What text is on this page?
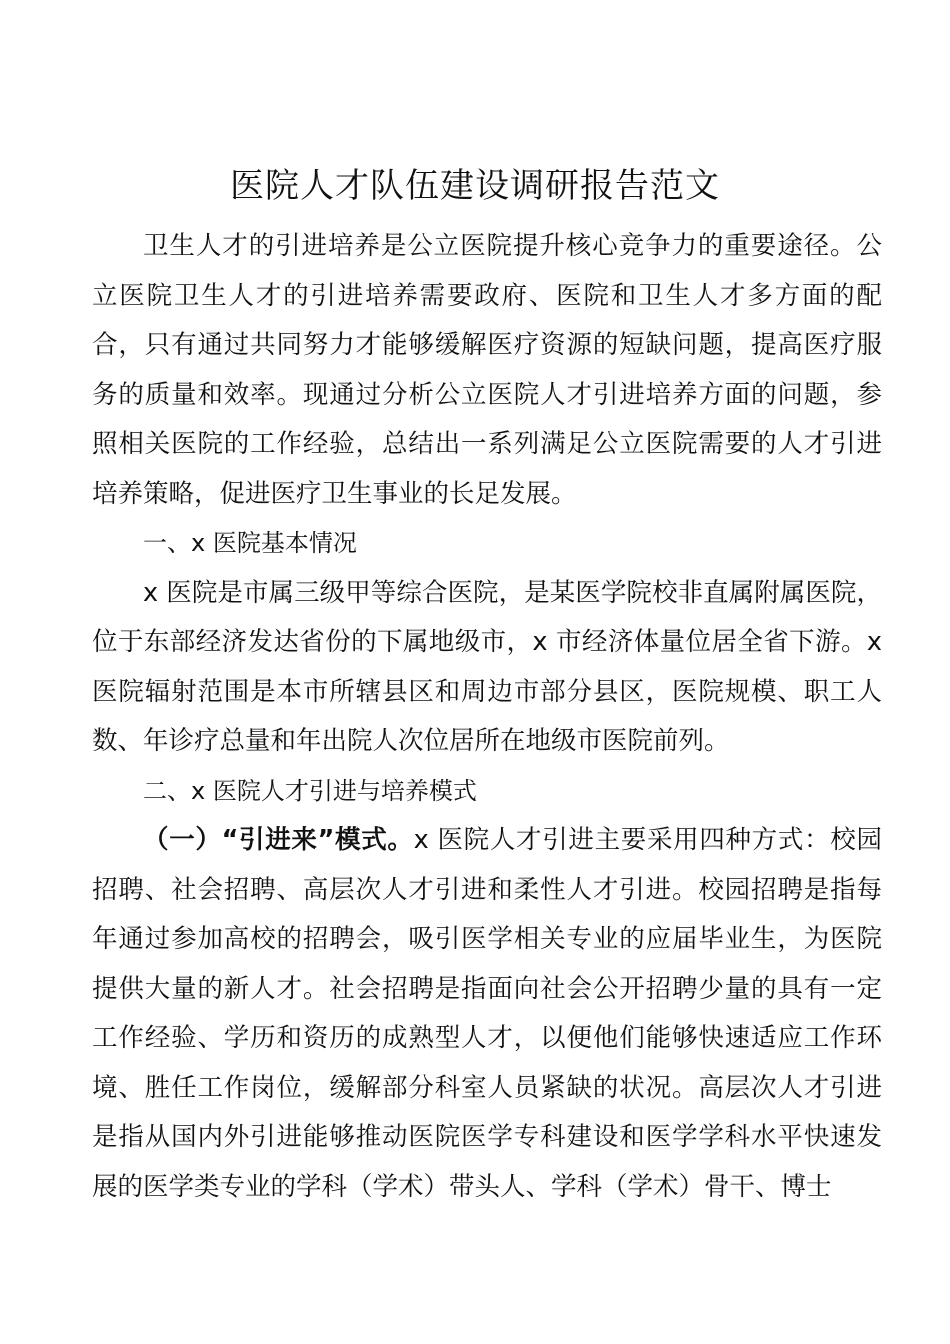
医院人才队伍建设调研报告范文

卫生人才的引进培养是公立医院提升核心竞争力的重要途径。公立医院卫生人才的引进培养需要政府、医院和卫生人才多方面的配合，只有通过共同努力才能够缓解医疗资源的短缺问题，提高医疗服务的质量和效率。现通过分析公立医院人才引进培养方面的问题，参照相关医院的工作经验，总结出一系列满足公立医院需要的人才引进培养策略，促进医疗卫生事业的长足发展。

一、x 医院基本情况

x 医院是市属三级甲等综合医院，是某医学院校非直属附属医院，位于东部经济发达省份的下属地级市，x 市经济体量位居全省下游。x 医院辐射范围是本市所辖县区和周边市部分县区，医院规模、职工人数、年诊疗总量和年出院人次位居所在地级市医院前列。

二、x 医院人才引进与培养模式

（一）“引进来”模式。x 医院人才引进主要采用四种方式：校园招聘、社会招聘、高层次人才引进和柔性人才引进。校园招聘是指每年通过参加高校的招聘会，吸引医学相关专业的应届毕业生，为医院提供大量的新人才。社会招聘是指面向社会公开招聘少量的具有一定工作经验、学历和资历的成熟型人才，以便他们能够快速适应工作环境、胜任工作岗位，缓解部分科室人员紧缺的状况。高层次人才引进是指从国内外引进能够推动医院医学专科建设和医学学科水平快速发展的医学类专业的学科（学术）带头人、学科（学术）骨干、博士
